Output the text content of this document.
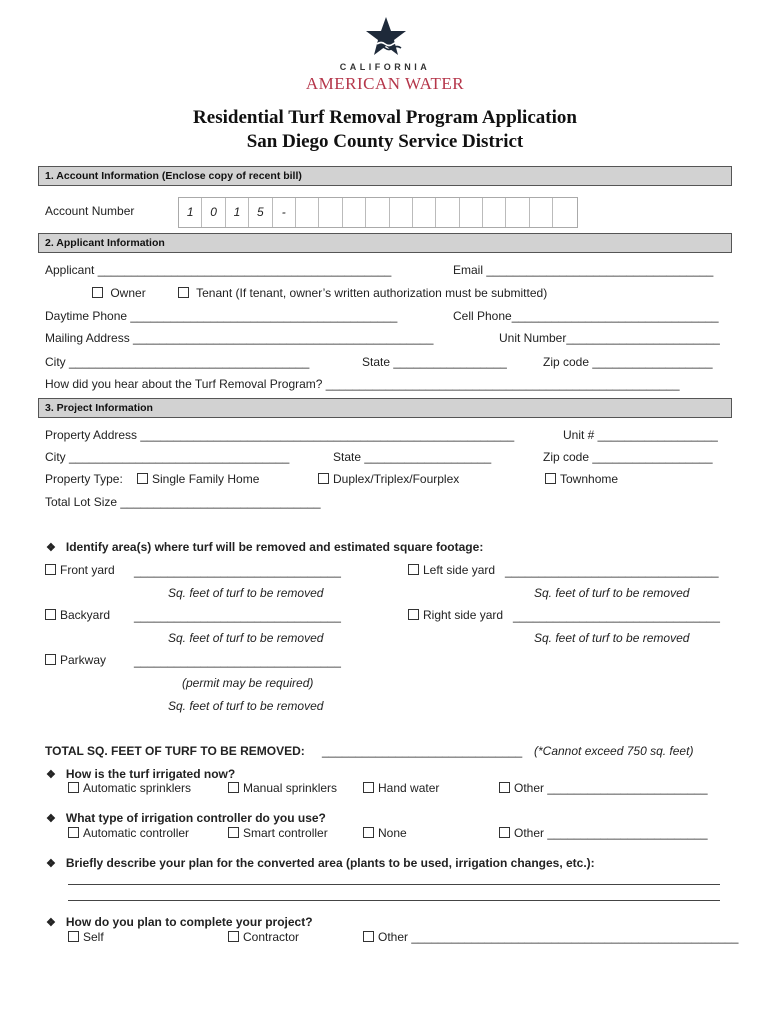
CALIFORNIA
AMERICAN WATER
Residential Turf Removal Program Application
San Diego County Service District
1. Account Information (Enclose copy of recent bill)
Account Number	1	0	1	5	-
2. Applicant Information
Applicant ____________________________________________	Email __________________________________
Owner	Tenant (If tenant, owner’s written authorization must be submitted)
Daytime Phone ________________________________________	Cell Phone_______________________________
Mailing Address _____________________________________________	Unit Number_______________________
City ____________________________________	State _________________	Zip code __________________
How did you hear about the Turf Removal Program? _____________________________________________________
3. Project Information
Property Address ________________________________________________________	Unit # __________________
City _________________________________	State ___________________	Zip code __________________
Property Type:	Single Family Home	Duplex/Triplex/Fourplex	Townhome
Total Lot Size ______________________________
❖ Identify area(s) where turf will be removed and estimated square footage:
Front yard _______________________________
Sq. feet of turf to be removed
Left side yard ________________________________
Sq. feet of turf to be removed
Backyard _______________________________
Sq. feet of turf to be removed
Right side yard _______________________________
Sq. feet of turf to be removed
Parkway _______________________________
(permit may be required)
Sq. feet of turf to be removed
TOTAL SQ. FEET OF TURF TO BE REMOVED: ______________________________ (*Cannot exceed 750 sq. feet)
❖ How is the turf irrigated now?
Automatic sprinklers	Manual sprinklers	Hand water	Other ________________________
❖ What type of irrigation controller do you use?
Automatic controller	Smart controller	None	Other ________________________
❖ Briefly describe your plan for the converted area (plants to be used, irrigation changes, etc.):
❖ How do you plan to complete your project?
Self	Contractor	Other _________________________________________________
